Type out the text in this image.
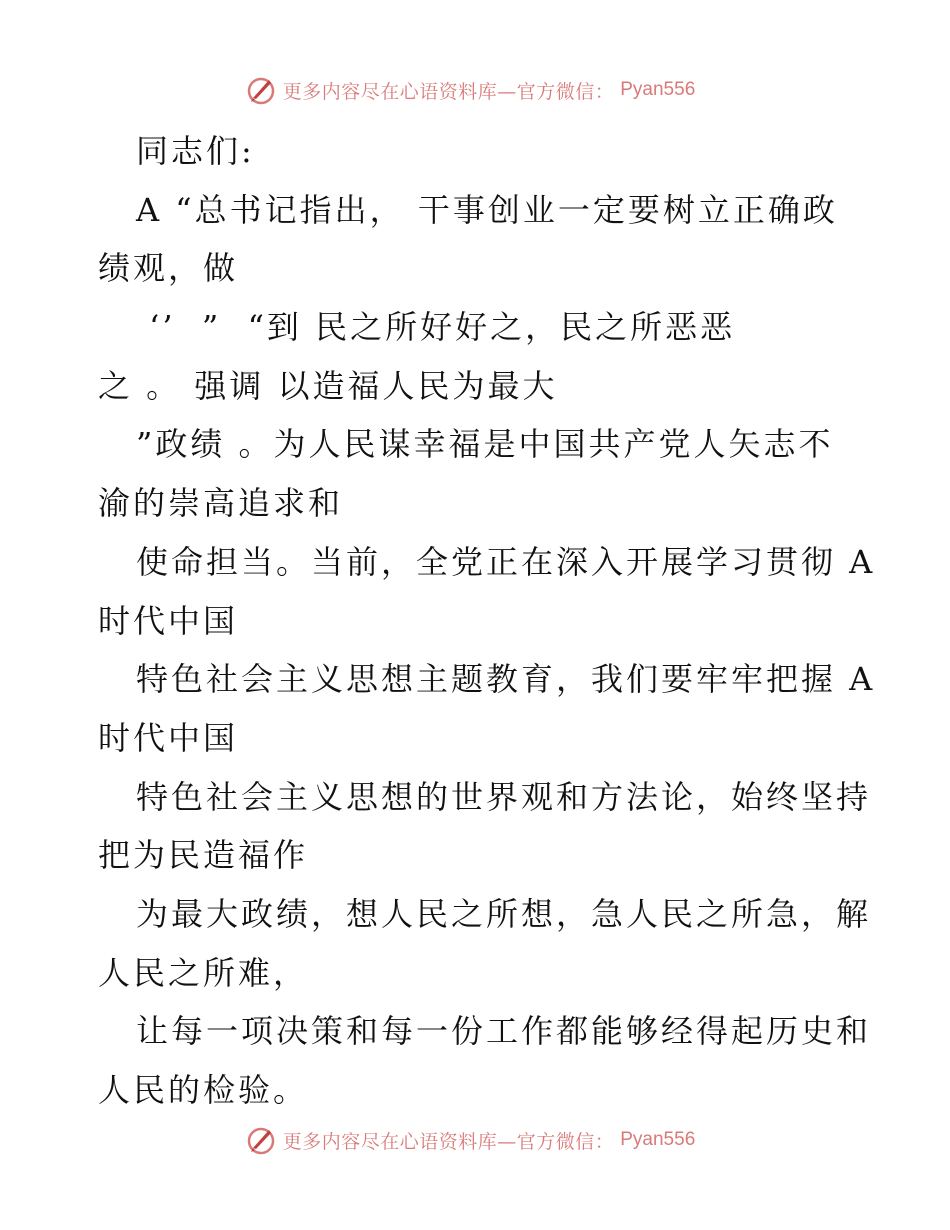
更多内容尽在心语资料库—官方微信： Pyan556
同志们:
A “总书记指出， 干事创业一定要树立正确政
绩观，做
‘’  ”  “到 民之所好好之，民之所恶恶
之 。 强调 以造福人民为最大
”政绩 。为人民谋幸福是中国共产党人矢志不
渝的崇高追求和
使命担当。当前，全党正在深入开展学习贯彻 A
时代中国
特色社会主义思想主题教育，我们要牢牢把握 A
时代中国
特色社会主义思想的世界观和方法论，始终坚持
把为民造福作
为最大政绩，想人民之所想，急人民之所急，解
人民之所难，
让每一项决策和每一份工作都能够经得起历史和
人民的检验。
更多内容尽在心语资料库—官方微信： Pyan556
